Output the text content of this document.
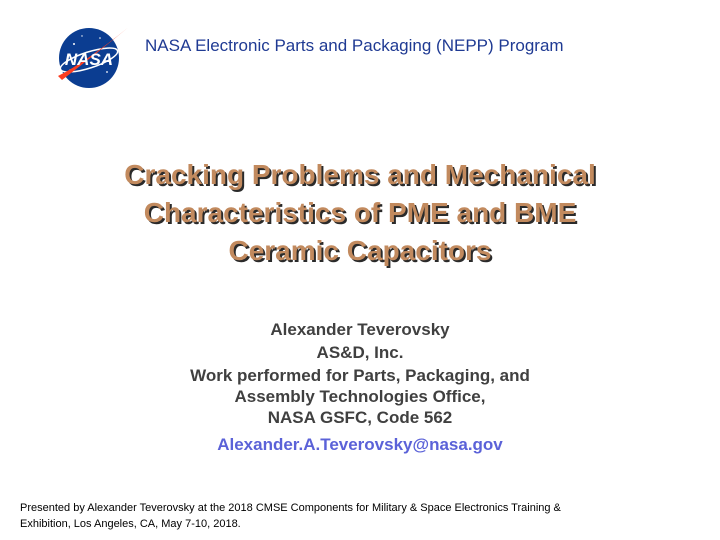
NASA
NASA Electronic Parts and Packaging (NEPP) Program
Cracking Problems and Mechanical
Characteristics of PME and BME
Ceramic Capacitors
Alexander Teverovsky
AS&D, Inc.
Work performed for Parts, Packaging, and
Assembly Technologies Office,
NASA GSFC, Code 562
Alexander.A.Teverovsky@nasa.gov
Presented by Alexander Teverovsky at the 2018 CMSE Components for Military & Space Electronics Training &
Exhibition, Los Angeles, CA, May 7-10, 2018.
